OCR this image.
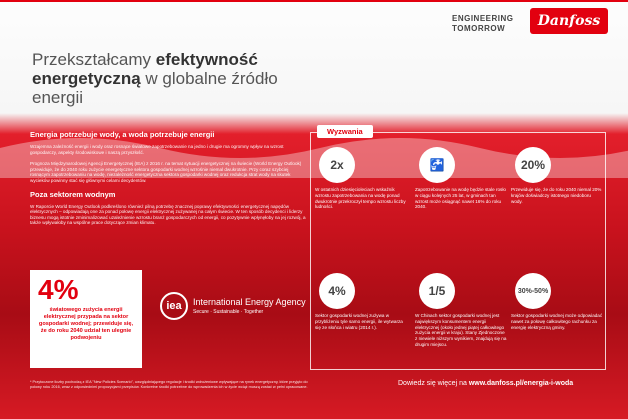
ENGINEERING
TOMORROW	Danfoss
Przekształcamy efektywność energetyczną w globalne źródło energii
Energia potrzebuje wody, a woda potrzebuje energii
Wzajemna zależność energii i wody oraz rosnące światowe zapotrzebowanie na jedno i drugie ma ogromny wpływ na wzrost gospodarczy, aspekty środowiskowe i naszą przyszłość.
Prognoza Międzynarodowej Agencji Energetycznej (IEA) z 2016 r. na temat sytuacji energetycznej na świecie (World Energy Outlook) przewiduje, że do 2040 roku zużycie energetyczne sektora gospodarki wodnej wzrośnie niemal dwukrotnie. Przy coraz szybciej rosnącym zapotrzebowaniu na wodę, niezależność energetyczna sektora gospodarki wodnej oraz redukcja strat wody na skutek wycieków powinny stać się głównymi celami decydentów.
Poza sektorem wodnym
W Raporcie World Energy Outlook podkreślono również pilną potrzebę znacznej poprawy efektywności energetycznej napędów elektrycznych – odpowiadają one za ponad połowę energii elektrycznej zużywanej na całym świecie. W ten sposób decydenci i liderzy biznesu mogą istotnie zminimalizować uzależnienie wzrostu branż gospodarczych od energii, co pozytywnie wpłynęłoby na jej rozwój, a także wpływałoby na wspólne prace dotyczące zmian klimatu.
4%
światowego zużycia energii elektrycznej przypada na sektor gospodarki wodnej; przewiduje się, że do roku 2040 udział ten ulegnie podwojeniu
iea	International Energy Agency
Secure · Sustainable · Together
* Przytoczone liczby pochodzą z IEA "New Policies Scenario", uwzględniającego regulacje i środki wdrożeniowe wpływające na rynek energetyczny, które przyjęto do połowy roku 2016, wraz z odpowiednimi propozycjami przepisów. Konkretne środki potrzebne do wprowadzenia ich w życie wciąż muszą zostać w pełni opracowane.
Wyzwania
2x
W ostatnich dziesięcioleciach wskaźnik wzrostu zapotrzebowania na wodę ponad dwukrotnie przekroczył tempo wzrostu liczby ludności.
🚰
Zapotrzebowanie na wodę będzie stale rosło w ciągu kolejnych 25 lat, w gminach tan wzrost może osiągnąć nawet 16% do roku 2040.
20%
Przewiduje się, że do roku 2040 niemal 20% krajów doświadczy istotnego niedoboru wody.
4%
Sektor gospodarki wodnej zużywa w przybliżeniu tyle samo energii, ile wytwarza się ze słońca i wiatru (2014 r.).
1/5
W Chinach sektor gospodarki wodnej jest największym konsumentem energii elektrycznej (około jednej piątej całkowitego zużycia energii w kraju). Stany Zjednoczone z niewiele niższym wynikiem, znajdują się na drugim miejscu.
30%-50%
Sektor gospodarki wodnej może odpowiadać nawet za połowę całkowitego rachunku za energię elektryczną gminy.
Dowiedz się więcej na www.danfoss.pl/energia-i-woda
